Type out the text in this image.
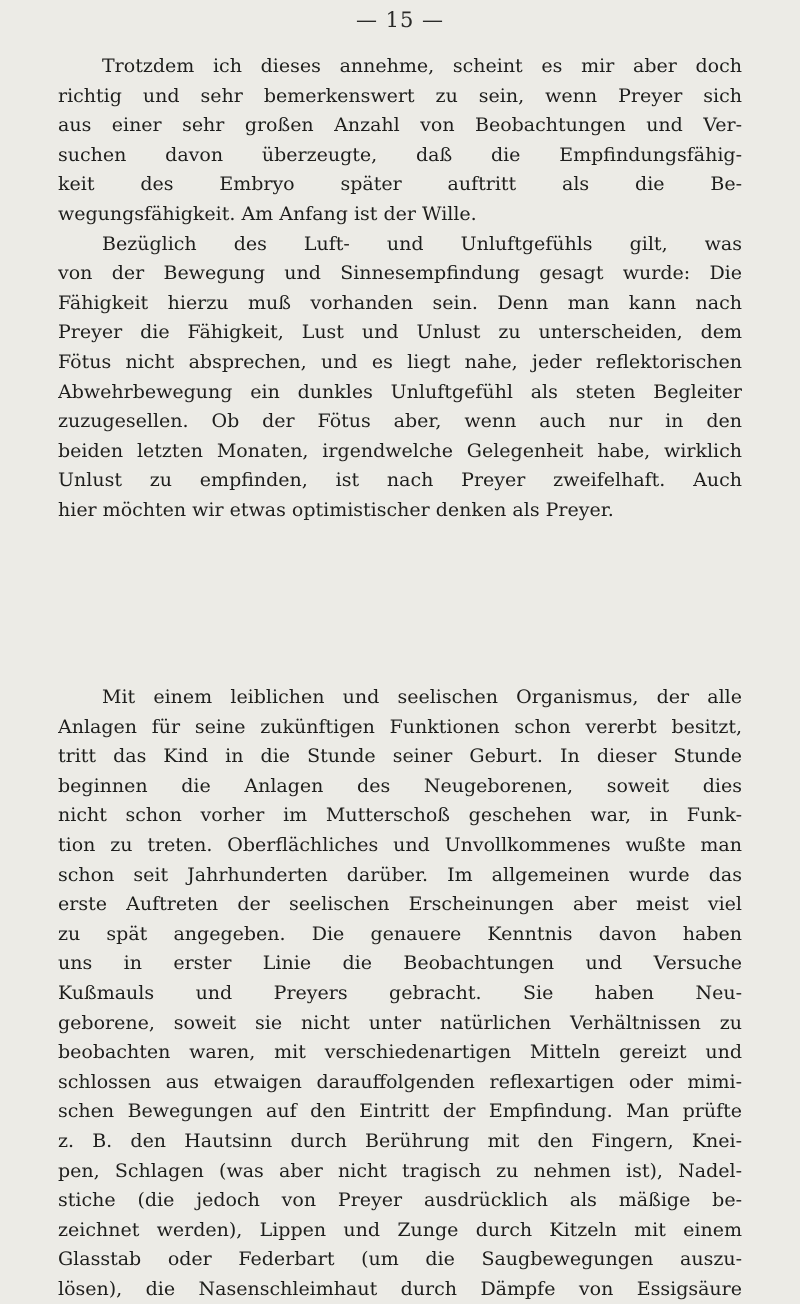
— 15 —
Trotzdem ich dieses annehme, scheint es mir aber doch
richtig und sehr bemerkenswert zu sein, wenn Preyer sich
aus einer sehr großen Anzahl von Beobachtungen und Ver-
suchen davon überzeugte, daß die Empfindungsfähig-
keit des Embryo später auftritt als die Be-
wegungsfähigkeit. Am Anfang ist der Wille.
Bezüglich des Luft- und Unluftgefühls gilt, was
von der Bewegung und Sinnesempfindung gesagt wurde: Die
Fähigkeit hierzu muß vorhanden sein. Denn man kann nach
Preyer die Fähigkeit, Lust und Unlust zu unterscheiden, dem
Fötus nicht absprechen, und es liegt nahe, jeder reflektorischen
Abwehrbewegung ein dunkles Unluftgefühl als steten Begleiter
zuzugesellen. Ob der Fötus aber, wenn auch nur in den
beiden letzten Monaten, irgendwelche Gelegenheit habe, wirklich
Unlust zu empfinden, ist nach Preyer zweifelhaft. Auch
hier möchten wir etwas optimistischer denken als Preyer.
Mit einem leiblichen und seelischen Organismus, der alle
Anlagen für seine zukünftigen Funktionen schon vererbt besitzt,
tritt das Kind in die Stunde seiner Geburt. In dieser Stunde
beginnen die Anlagen des Neugeborenen, soweit dies
nicht schon vorher im Mutterschoß geschehen war, in Funk-
tion zu treten. Oberflächliches und Unvollkommenes wußte man
schon seit Jahrhunderten darüber. Im allgemeinen wurde das
erste Auftreten der seelischen Erscheinungen aber meist viel
zu spät angegeben. Die genauere Kenntnis davon haben
uns in erster Linie die Beobachtungen und Versuche
Kußmauls und Preyers gebracht. Sie haben Neu-
geborene, soweit sie nicht unter natürlichen Verhältnissen zu
beobachten waren, mit verschiedenartigen Mitteln gereizt und
schlossen aus etwaigen darauffolgenden reflexartigen oder mimi-
schen Bewegungen auf den Eintritt der Empfindung. Man prüfte
z. B. den Hautsinn durch Berührung mit den Fingern, Knei-
pen, Schlagen (was aber nicht tragisch zu nehmen ist), Nadel-
stiche (die jedoch von Preyer ausdrücklich als mäßige be-
zeichnet werden), Lippen und Zunge durch Kitzeln mit einem
Glasstab oder Federbart (um die Saugbewegungen auszu-
lösen), die Nasenschleimhaut durch Dämpfe von Essigsäure
